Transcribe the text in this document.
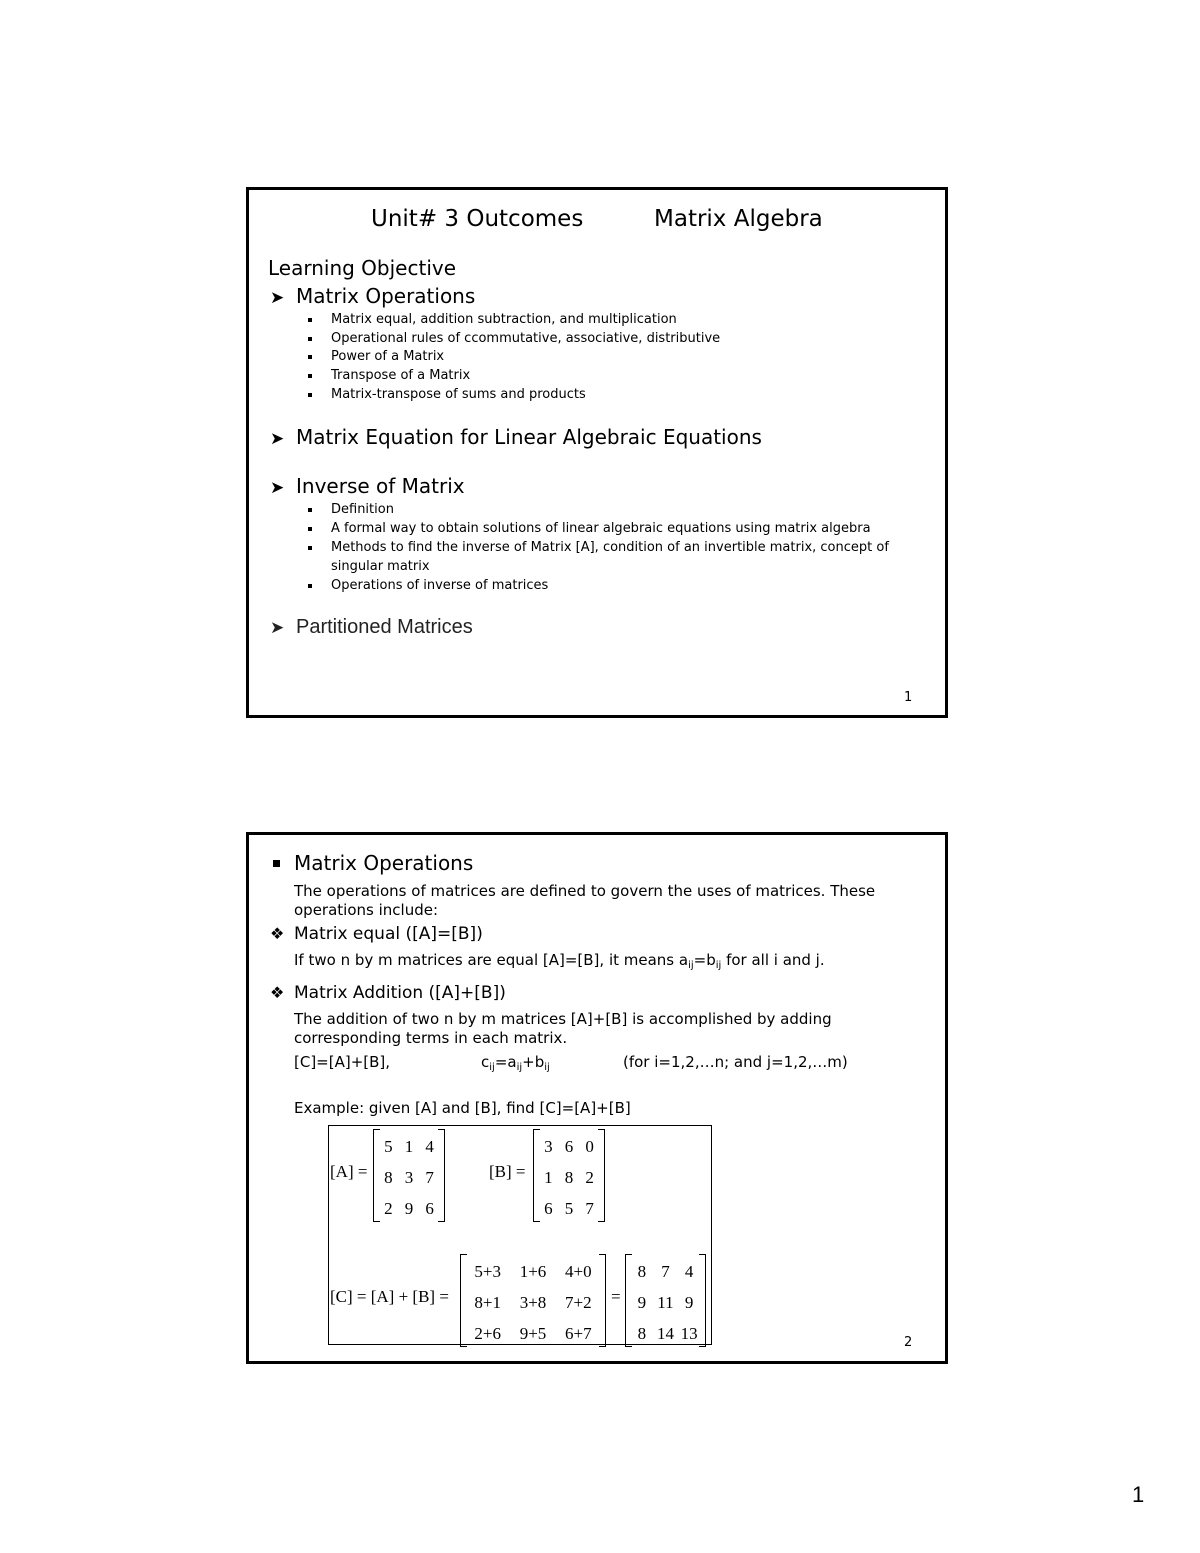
Unit# 3 Outcomes	Matrix Algebra
Learning Objective
➤ Matrix Operations
Matrix equal, addition subtraction, and multiplication
Operational rules of ccommutative, associative, distributive
Power of a Matrix
Transpose of a Matrix
Matrix-transpose of sums and products
➤ Matrix Equation for Linear Algebraic Equations
➤ Inverse of Matrix
Definition
A formal way to obtain solutions of linear algebraic equations using matrix algebra
Methods to find the inverse of Matrix [A], condition of an invertible matrix, concept of
singular matrix
Operations of inverse of matrices
➤ Partitioned Matrices
1
Matrix Operations
The operations of matrices are defined to govern the uses of matrices. These
operations include:
❖ Matrix equal ([A]=[B])
If two n by m matrices are equal [A]=[B], it means $a_{ij}=b_{ij}$ for all i and j.
❖ Matrix Addition ([A]+[B])
The addition of two n by m matrices [A]+[B] is accomplished by adding
corresponding terms in each matrix.
[C]=[A]+[B],	$c_{ij}=a_{ij}+b_{ij}$	(for i=1,2,…n; and j=1,2,…m)
Example: given [A] and [B], find [C]=[A]+[B]
[A] =
5 1 4
8 3 7
2 9 6
[B] =
3 6 0
1 8 2
6 5 7
[C] = [A] + [B] =
5+3	1+6	4+0
8+1	3+8	7+2
2+6	9+5	6+7
=
8 7 4
9 11 9
8 14 13	2
1
